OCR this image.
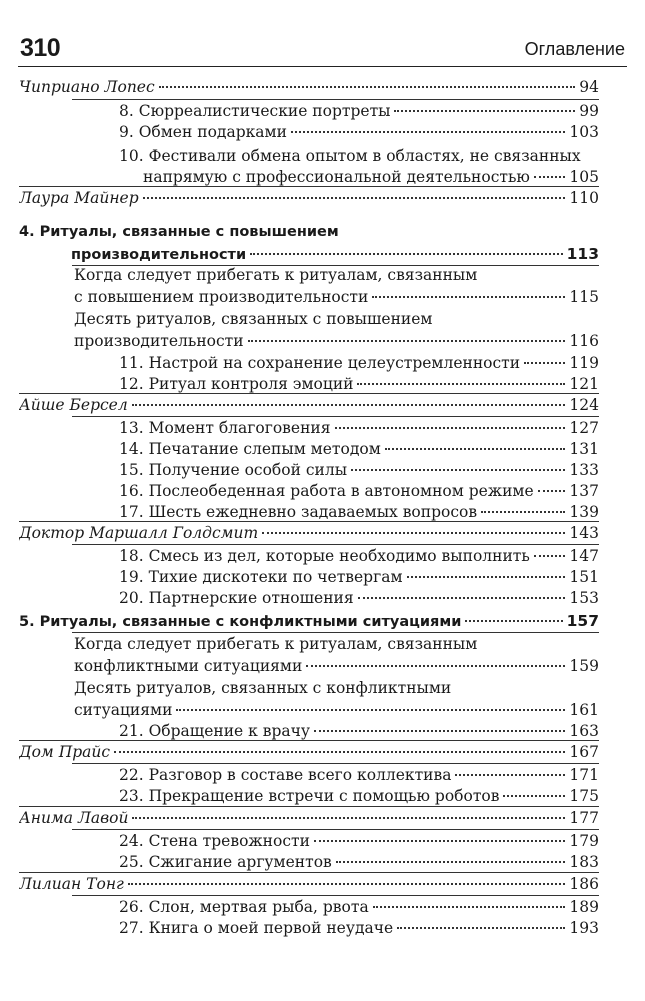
310	Оглавление
Чиприано Лопес	94
8. Сюрреалистические портреты	99
9. Обмен подарками	103
10. Фестивали обмена опытом в областях, не связанных
напрямую с профессиональной деятельностью	105
Лаура Майнер	110
4. Ритуалы, связанные с повышением
производительности	113
Когда следует прибегать к ритуалам, связанным
с повышением производительности	115
Десять ритуалов, связанных с повышением
производительности	116
11. Настрой на сохранение целеустремленности	119
12. Ритуал контроля эмоций	121
Айше Берсел	124
13. Момент благоговения	127
14. Печатание слепым методом	131
15. Получение особой силы	133
16. Послеобеденная работа в автономном режиме 137
17. Шесть ежедневно задаваемых вопросов	139
Доктор Маршалл Голдсмит	143
18. Смесь из дел, которые необходимо выполнить	147
19. Тихие дискотеки по четвергам	151
20. Партнерские отношения	153
5. Ритуалы, связанные с конфликтными ситуациями	157
Когда следует прибегать к ритуалам, связанным
конфликтными ситуациями	159
Десять ритуалов, связанных с конфликтными
ситуациями	161
21. Обращение к врачу	163
Дом Прайс	167
22. Разговор в составе всего коллектива	171
23. Прекращение встречи с помощью роботов	175
Анима Лавой	177
24. Стена тревожности	179
25. Сжигание аргументов	183
Лилиан Тонг	186
26. Слон, мертвая рыба, рвота	189
27. Книга о моей первой неудаче	193
